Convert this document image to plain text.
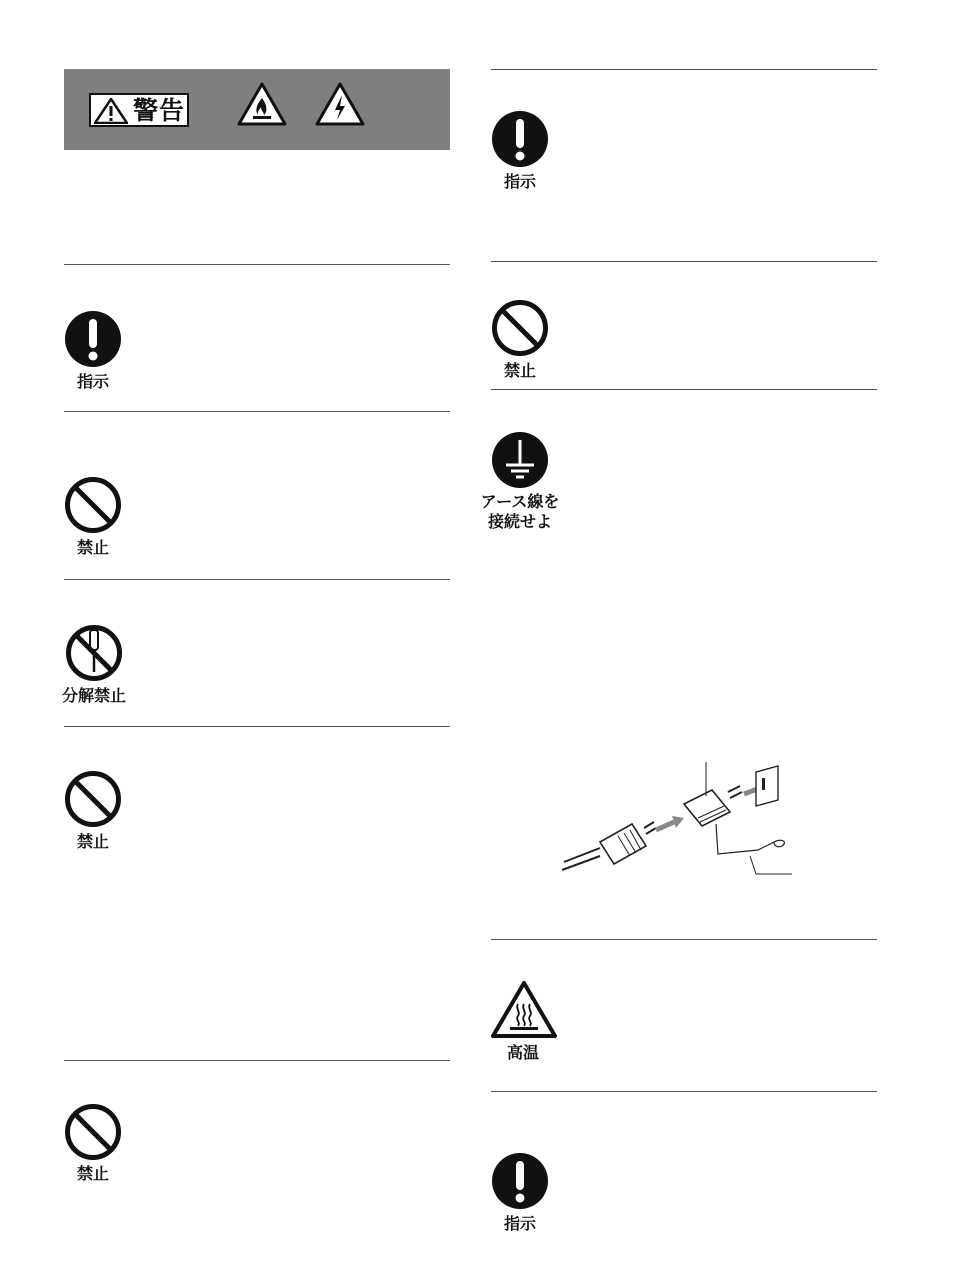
警告
指示
禁止
分解禁止
禁止
禁止
指示
禁止
アース線を
接続せよ
高温
指示
